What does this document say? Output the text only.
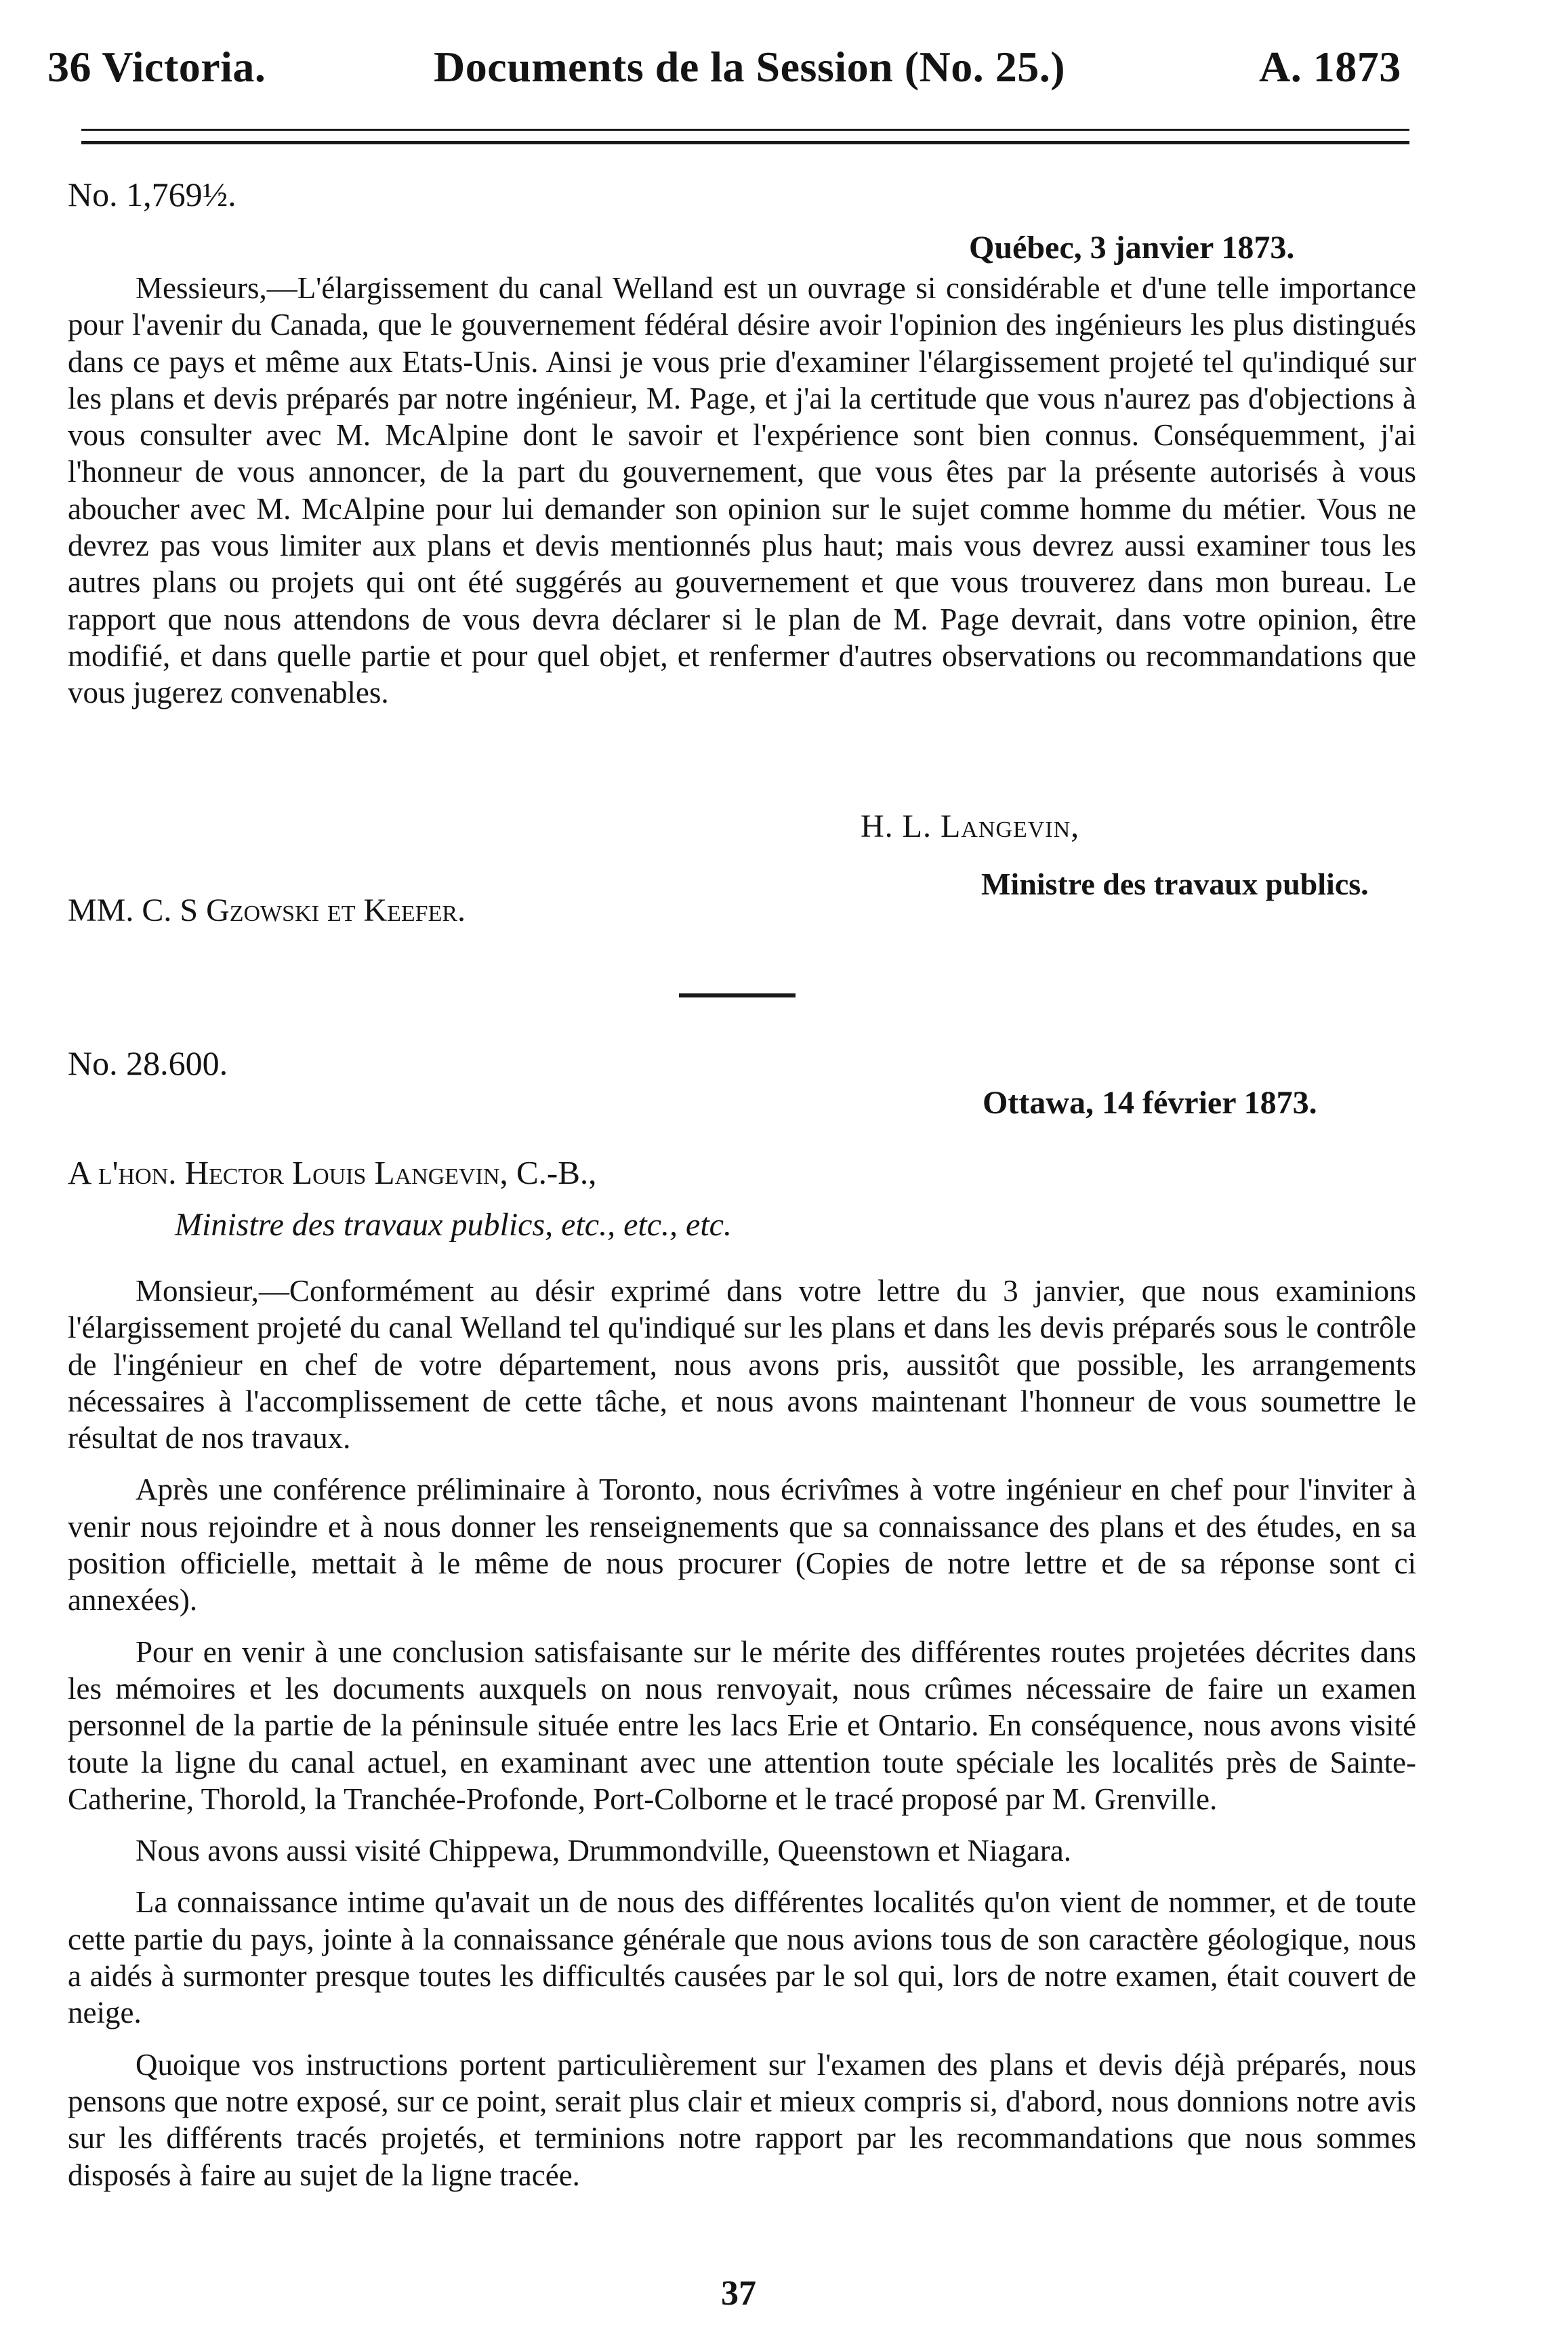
36 Victoria.	Documents de la Session (No. 25.)	A. 1873
No. 1,769½.
Québec, 3 janvier 1873.

Messieurs,—L'élargissement du canal Welland est un ouvrage si considérable et d'une telle importance pour l'avenir du Canada, que le gouvernement fédéral désire avoir l'opinion des ingénieurs les plus distingués dans ce pays et même aux Etats-Unis. Ainsi je vous prie d'examiner l'élargissement projeté tel qu'indiqué sur les plans et devis préparés par notre ingénieur, M. Page, et j'ai la certitude que vous n'aurez pas d'objections à vous consulter avec M. McAlpine dont le savoir et l'expérience sont bien connus. Conséquemment, j'ai l'honneur de vous annoncer, de la part du gouvernement, que vous êtes par la présente autorisés à vous aboucher avec M. McAlpine pour lui demander son opinion sur le sujet comme homme du métier. Vous ne devrez pas vous limiter aux plans et devis mentionnés plus haut; mais vous devrez aussi examiner tous les autres plans ou projets qui ont été suggérés au gouvernement et que vous trouverez dans mon bureau. Le rapport que nous attendons de vous devra déclarer si le plan de M. Page devrait, dans votre opinion, être modifié, et dans quelle partie et pour quel objet, et renfermer d'autres observations ou recommandations que vous jugerez convenables.

H. L. Langevin,
Ministre des travaux publics.
MM. C. S Gzowski et Keefer.
No. 28.600.
Ottawa, 14 février 1873.
A l'hon. Hector Louis Langevin, C.-B.,
Ministre des travaux publics, etc., etc., etc.

Monsieur,—Conformément au désir exprimé dans votre lettre du 3 janvier, que nous examinions l'élargissement projeté du canal Welland tel qu'indiqué sur les plans et dans les devis préparés sous le contrôle de l'ingénieur en chef de votre département, nous avons pris, aussitôt que possible, les arrangements nécessaires à l'accomplissement de cette tâche, et nous avons maintenant l'honneur de vous soumettre le résultat de nos travaux.

Après une conférence préliminaire à Toronto, nous écrivîmes à votre ingénieur en chef pour l'inviter à venir nous rejoindre et à nous donner les renseignements que sa connaissance des plans et des études, en sa position officielle, mettait à le même de nous procurer (Copies de notre lettre et de sa réponse sont ci annexées).

Pour en venir à une conclusion satisfaisante sur le mérite des différentes routes projetées décrites dans les mémoires et les documents auxquels on nous renvoyait, nous crûmes nécessaire de faire un examen personnel de la partie de la péninsule située entre les lacs Erie et Ontario. En conséquence, nous avons visité toute la ligne du canal actuel, en examinant avec une attention toute spéciale les localités près de Sainte-Catherine, Thorold, la Tranchée-Profonde, Port-Colborne et le tracé proposé par M. Grenville.

Nous avons aussi visité Chippewa, Drummondville, Queenstown et Niagara.

La connaissance intime qu'avait un de nous des différentes localités qu'on vient de nommer, et de toute cette partie du pays, jointe à la connaissance générale que nous avions tous de son caractère géologique, nous a aidés à surmonter presque toutes les difficultés causées par le sol qui, lors de notre examen, était couvert de neige.

Quoique vos instructions portent particulièrement sur l'examen des plans et devis déjà préparés, nous pensons que notre exposé, sur ce point, serait plus clair et mieux compris si, d'abord, nous donnions notre avis sur les différents tracés projetés, et terminions notre rapport par les recommandations que nous sommes disposés à faire au sujet de la ligne tracée.

37
